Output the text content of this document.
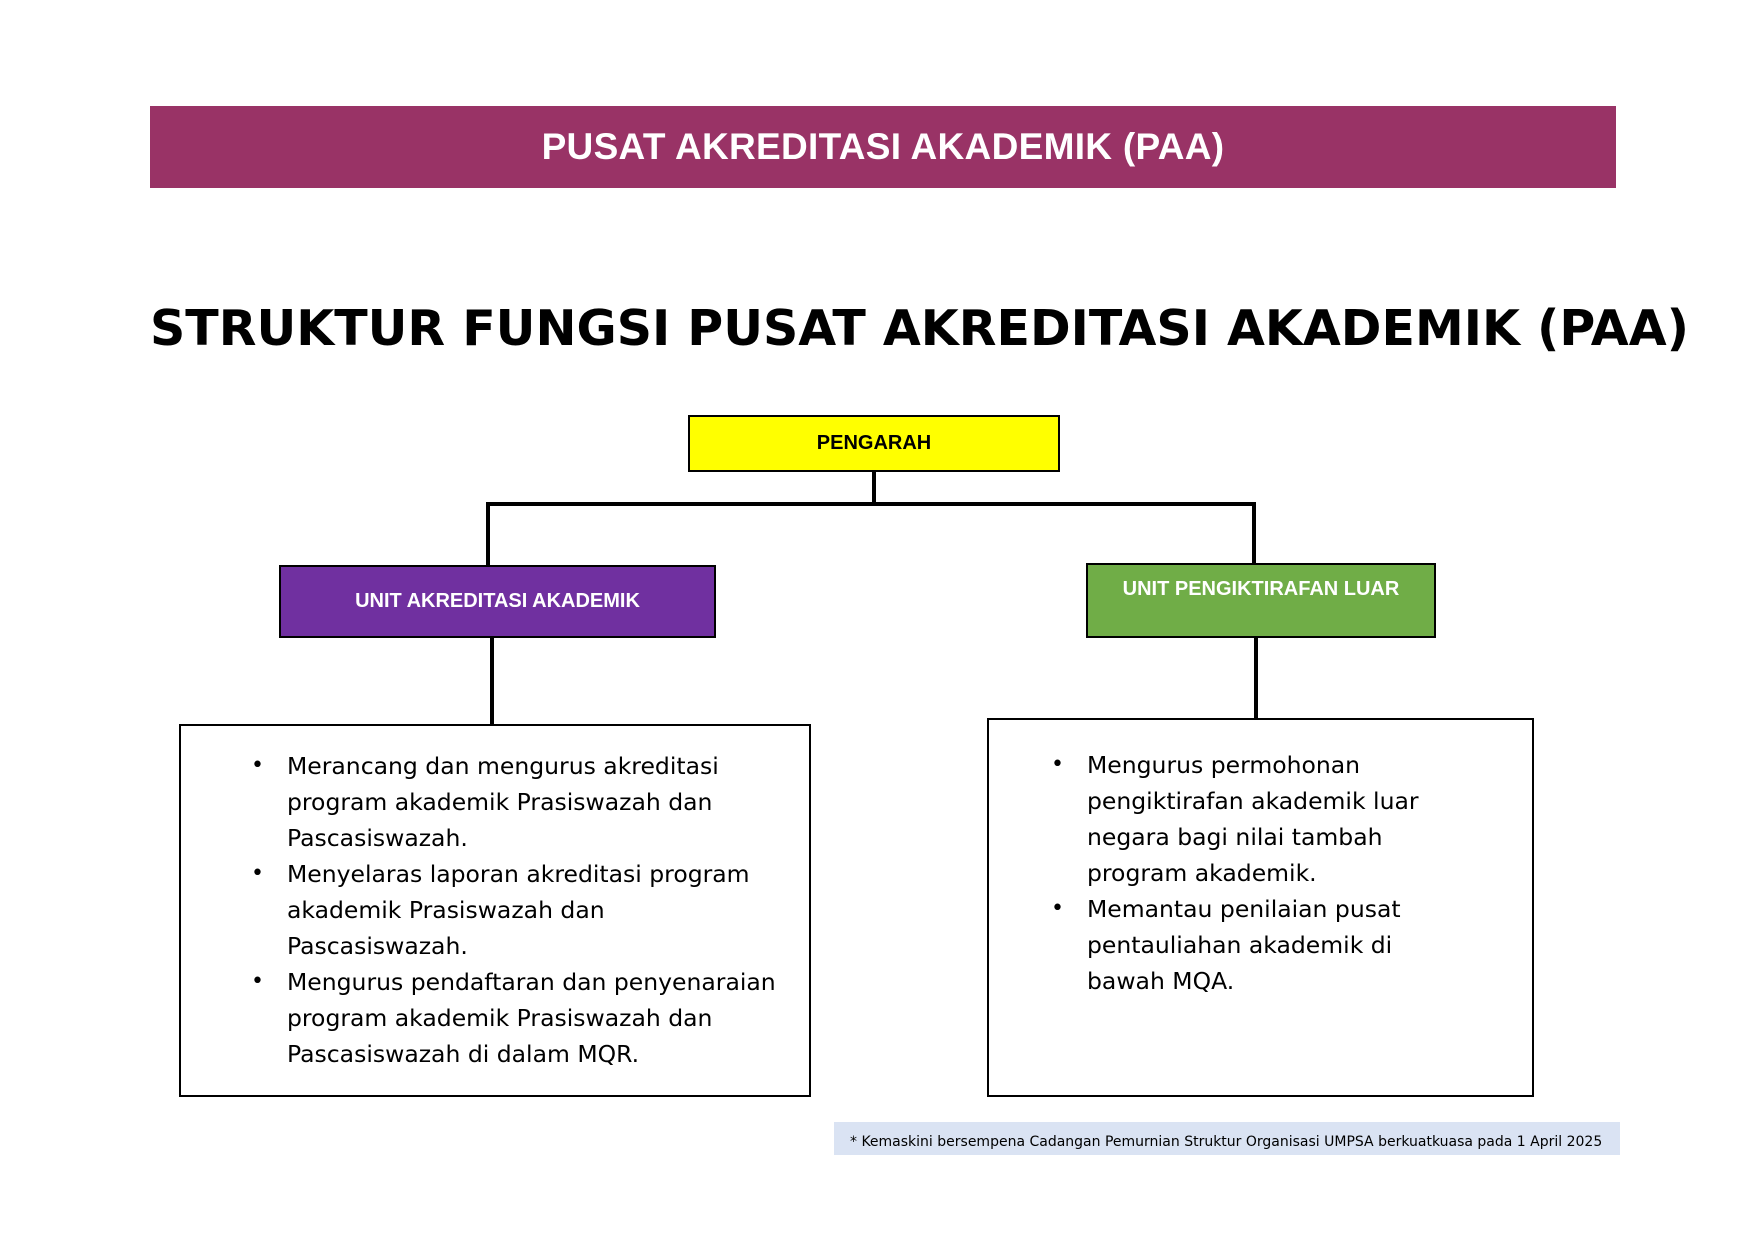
PUSAT AKREDITASI AKADEMIK (PAA)
STRUKTUR FUNGSI PUSAT AKREDITASI AKADEMIK (PAA)
PENGARAH
UNIT AKREDITASI AKADEMIK
UNIT PENGIKTIRAFAN LUAR
• Merancang dan mengurus akreditasi program akademik Prasiswazah dan Pascasiswazah.
• Menyelaras laporan akreditasi program akademik Prasiswazah dan Pascasiswazah.
• Mengurus pendaftaran dan penyenaraian program akademik Prasiswazah dan Pascasiswazah di dalam MQR.
• Mengurus permohonan pengiktirafan akademik luar negara bagi nilai tambah program akademik.
• Memantau penilaian pusat pentauliahan akademik di bawah MQA.
* Kemaskini bersempena Cadangan Pemurnian Struktur Organisasi UMPSA berkuatkuasa pada 1 April 2025
